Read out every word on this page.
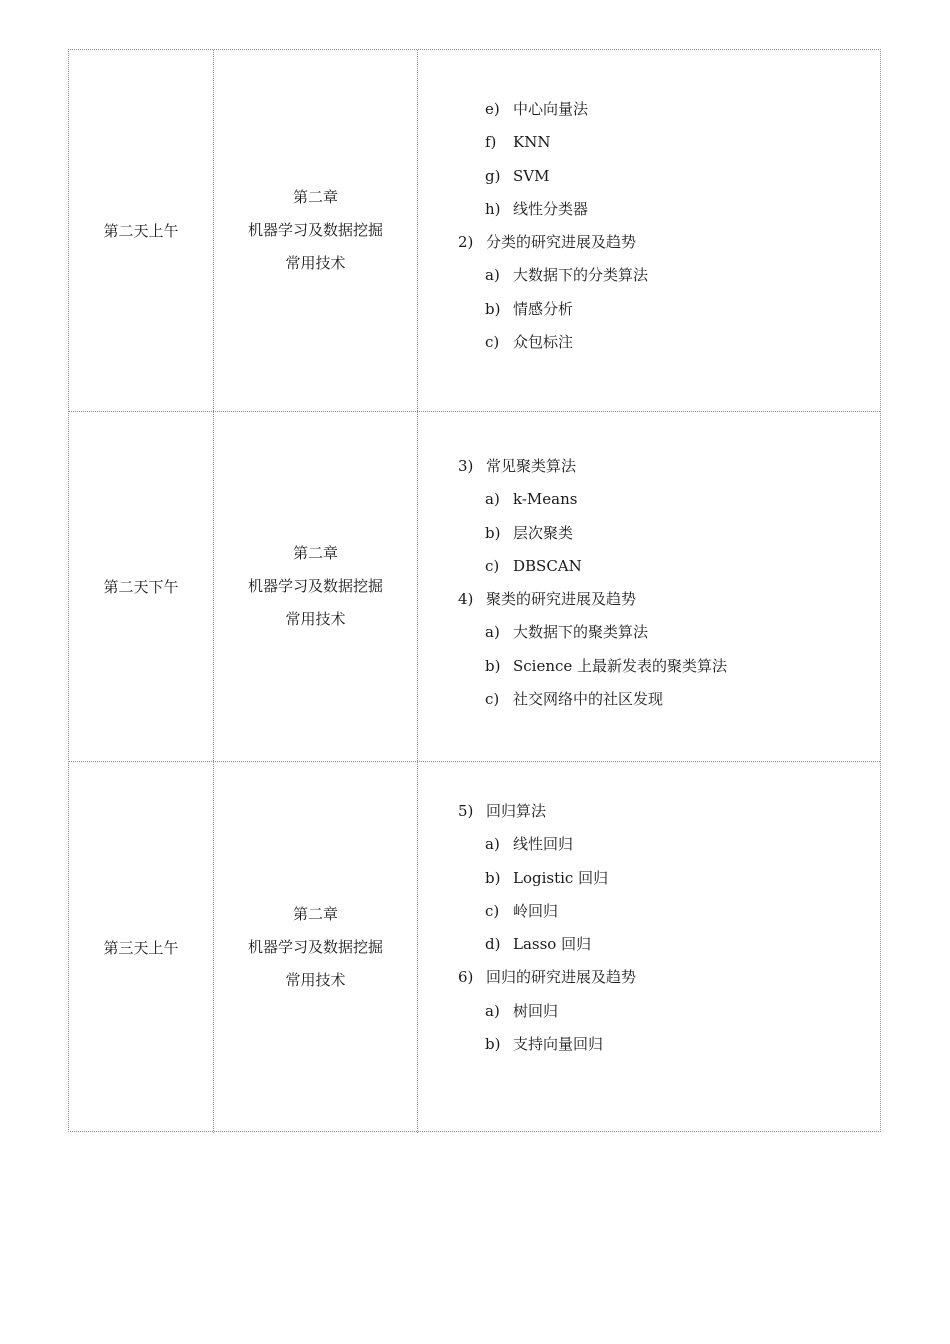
第二天上午
第二章
机器学习及数据挖掘
常用技术
e) 中心向量法
f) KNN
g) SVM
h) 线性分类器
2) 分类的研究进展及趋势
a) 大数据下的分类算法
b) 情感分析
c) 众包标注
第二天下午
第二章
机器学习及数据挖掘
常用技术
3) 常见聚类算法
a) k-Means
b) 层次聚类
c) DBSCAN
4) 聚类的研究进展及趋势
a) 大数据下的聚类算法
b) Science 上最新发表的聚类算法
c) 社交网络中的社区发现
第三天上午
第二章
机器学习及数据挖掘
常用技术
5) 回归算法
a) 线性回归
b) Logistic 回归
c) 岭回归
d) Lasso 回归
6) 回归的研究进展及趋势
a) 树回归
b) 支持向量回归
